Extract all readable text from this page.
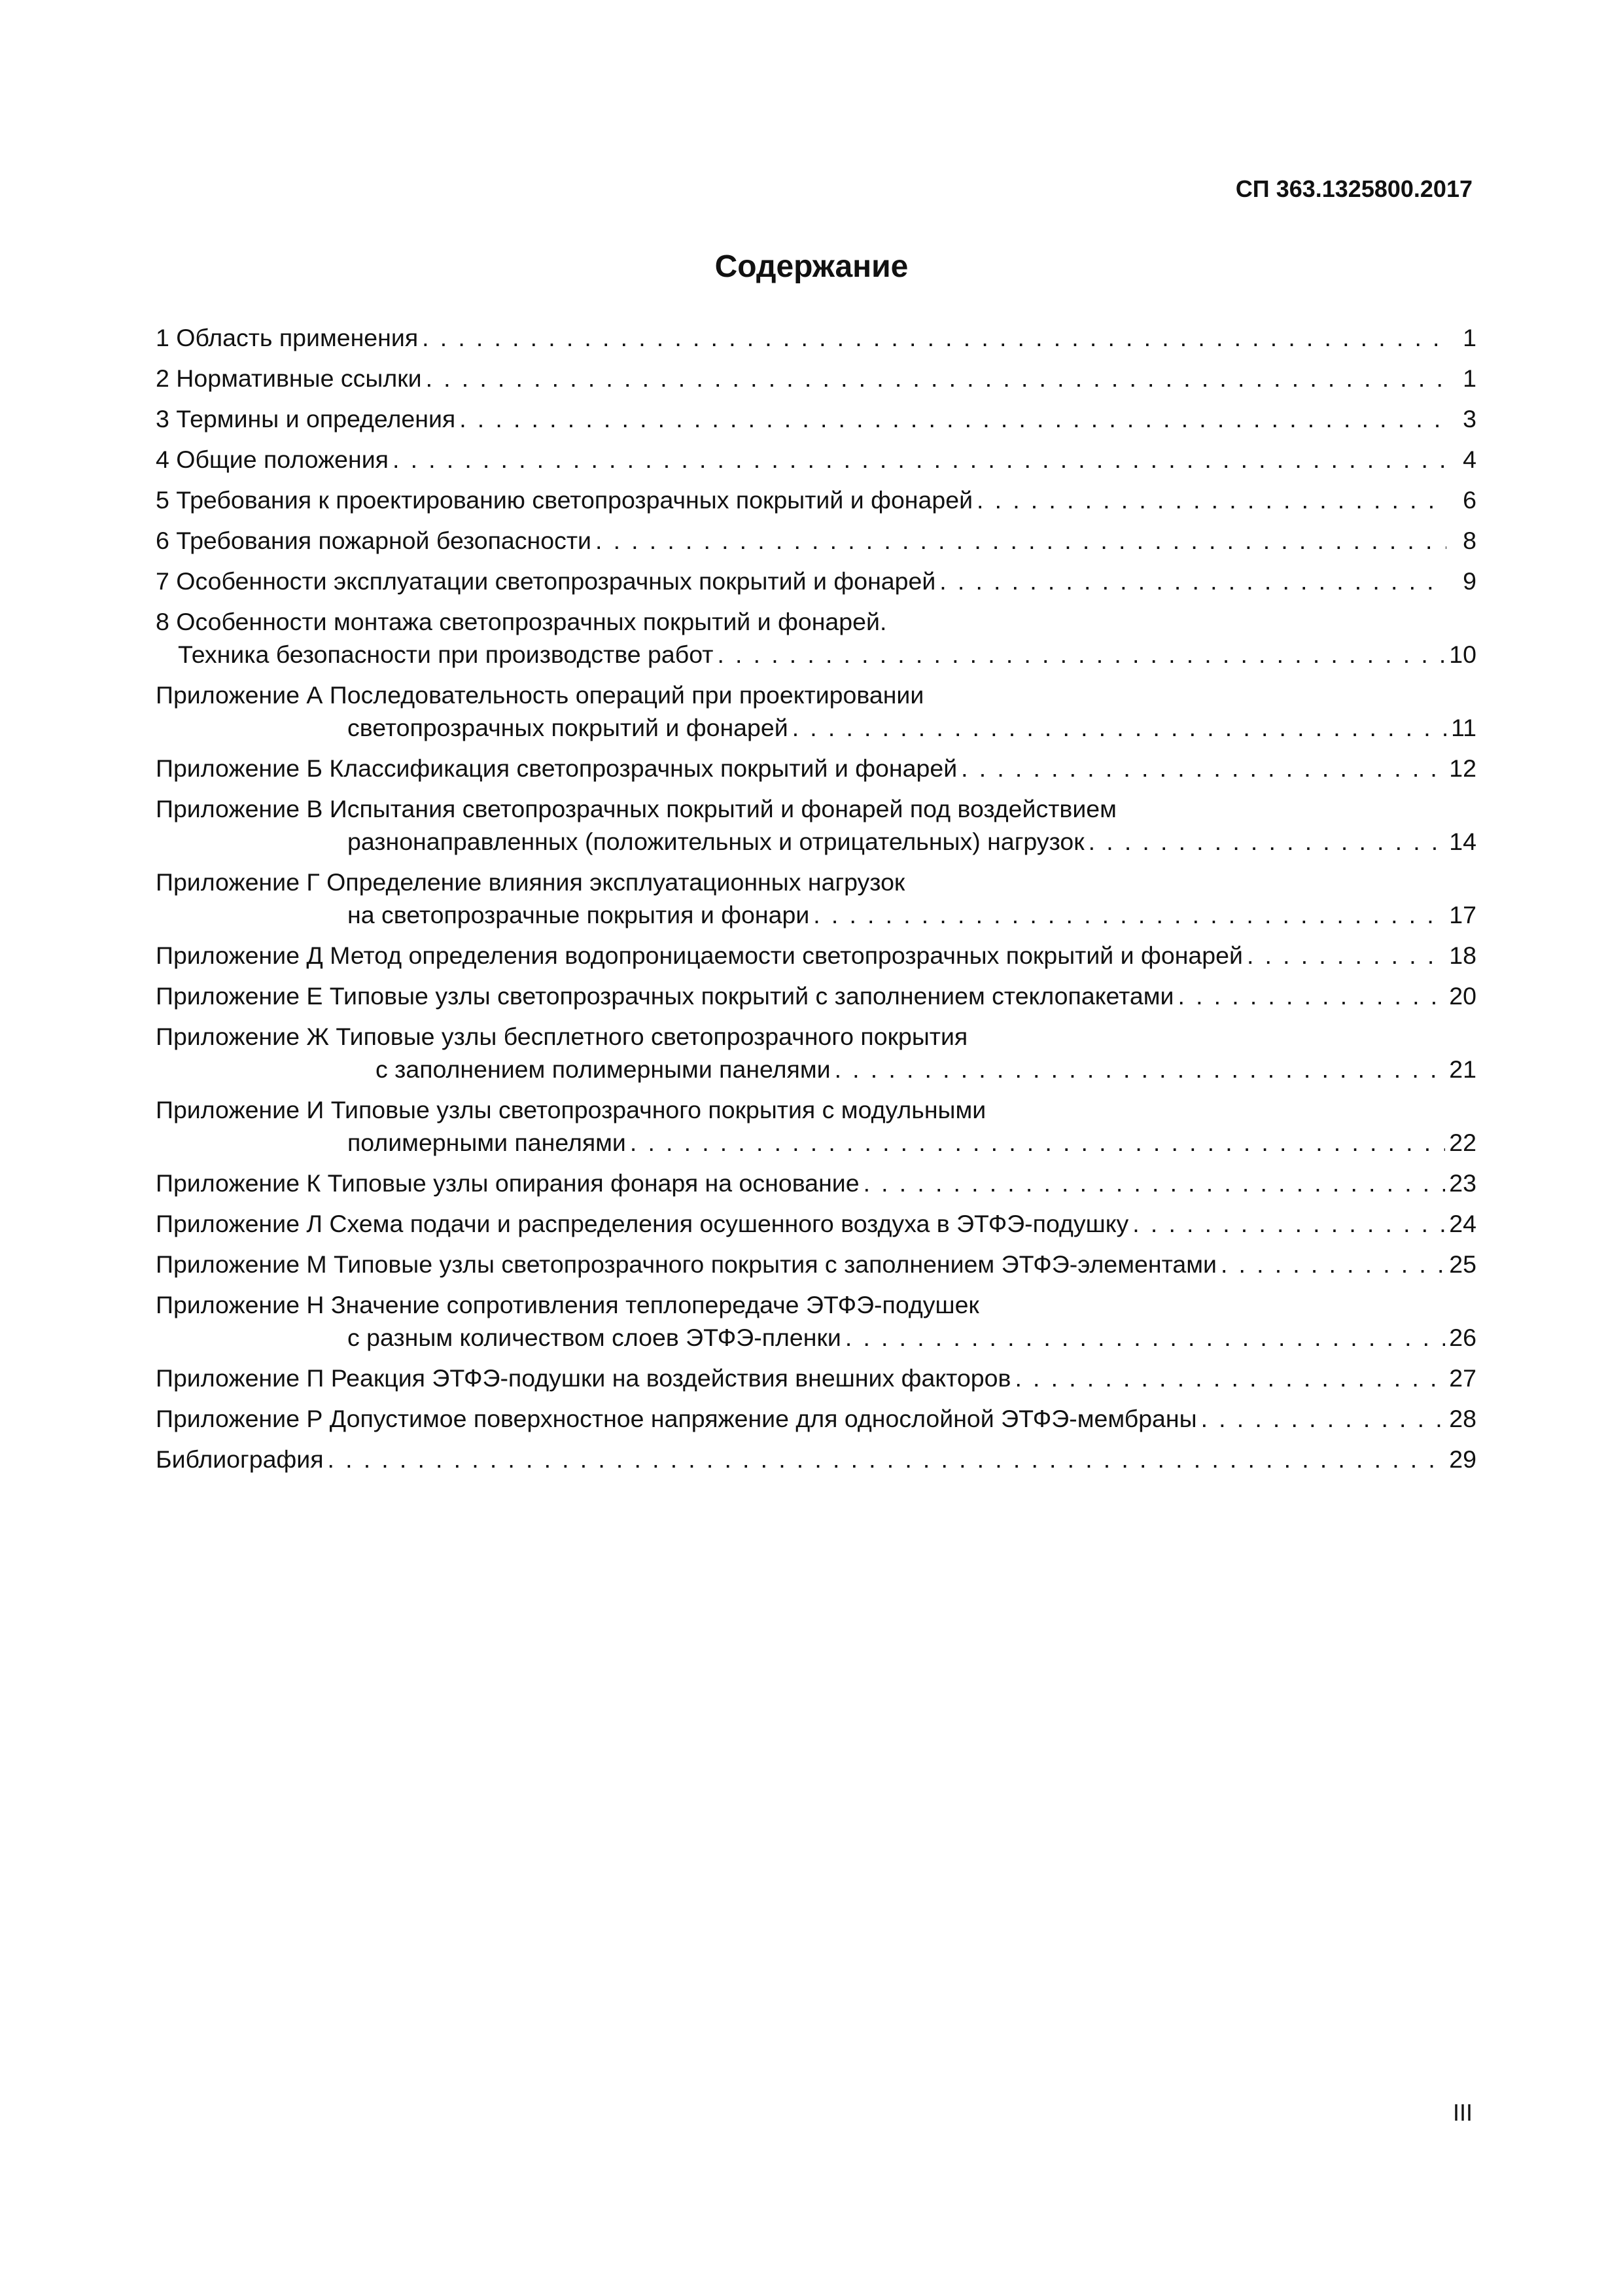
СП 363.1325800.2017
Содержание
1 Область применения . . .	1
2 Нормативные ссылки . . .	1
3 Термины и определения . . .	3
4 Общие положения . . .	4
5 Требования к проектированию светопрозрачных покрытий и фонарей . . .	6
6 Требования пожарной безопасности . . .	8
7 Особенности эксплуатации светопрозрачных покрытий и фонарей . . .	9
8 Особенности монтажа светопрозрачных покрытий и фонарей.
Техника безопасности при производстве работ . . .	10
Приложение А Последовательность операций при проектировании
светопрозрачных покрытий и фонарей . . .	11
Приложение Б Классификация светопрозрачных покрытий и фонарей . . .	12
Приложение В Испытания светопрозрачных покрытий и фонарей под воздействием
разнонаправленных (положительных и отрицательных) нагрузок . . .	14
Приложение Г Определение влияния эксплуатационных нагрузок
на светопрозрачные покрытия и фонари . . .	17
Приложение Д Метод определения водопроницаемости светопрозрачных покрытий и фонарей . . .	18
Приложение Е Типовые узлы светопрозрачных покрытий с заполнением стеклопакетами . . .	20
Приложение Ж Типовые узлы бесплетного светопрозрачного покрытия
с заполнением полимерными панелями . . .	21
Приложение И Типовые узлы светопрозрачного покрытия с модульными
полимерными панелями . . .	22
Приложение К Типовые узлы опирания фонаря на основание . . .	23
Приложение Л Схема подачи и распределения осушенного воздуха в ЭТФЭ-подушку . . .	24
Приложение М Типовые узлы светопрозрачного покрытия с заполнением ЭТФЭ-элементами . . .	25
Приложение Н Значение сопротивления теплопередаче ЭТФЭ-подушек
с разным количеством слоев ЭТФЭ-пленки . . .	26
Приложение П Реакция ЭТФЭ-подушки на воздействия внешних факторов . . .	27
Приложение Р Допустимое поверхностное напряжение для однослойной ЭТФЭ-мембраны . . .	28
Библиография . . .	29
III
